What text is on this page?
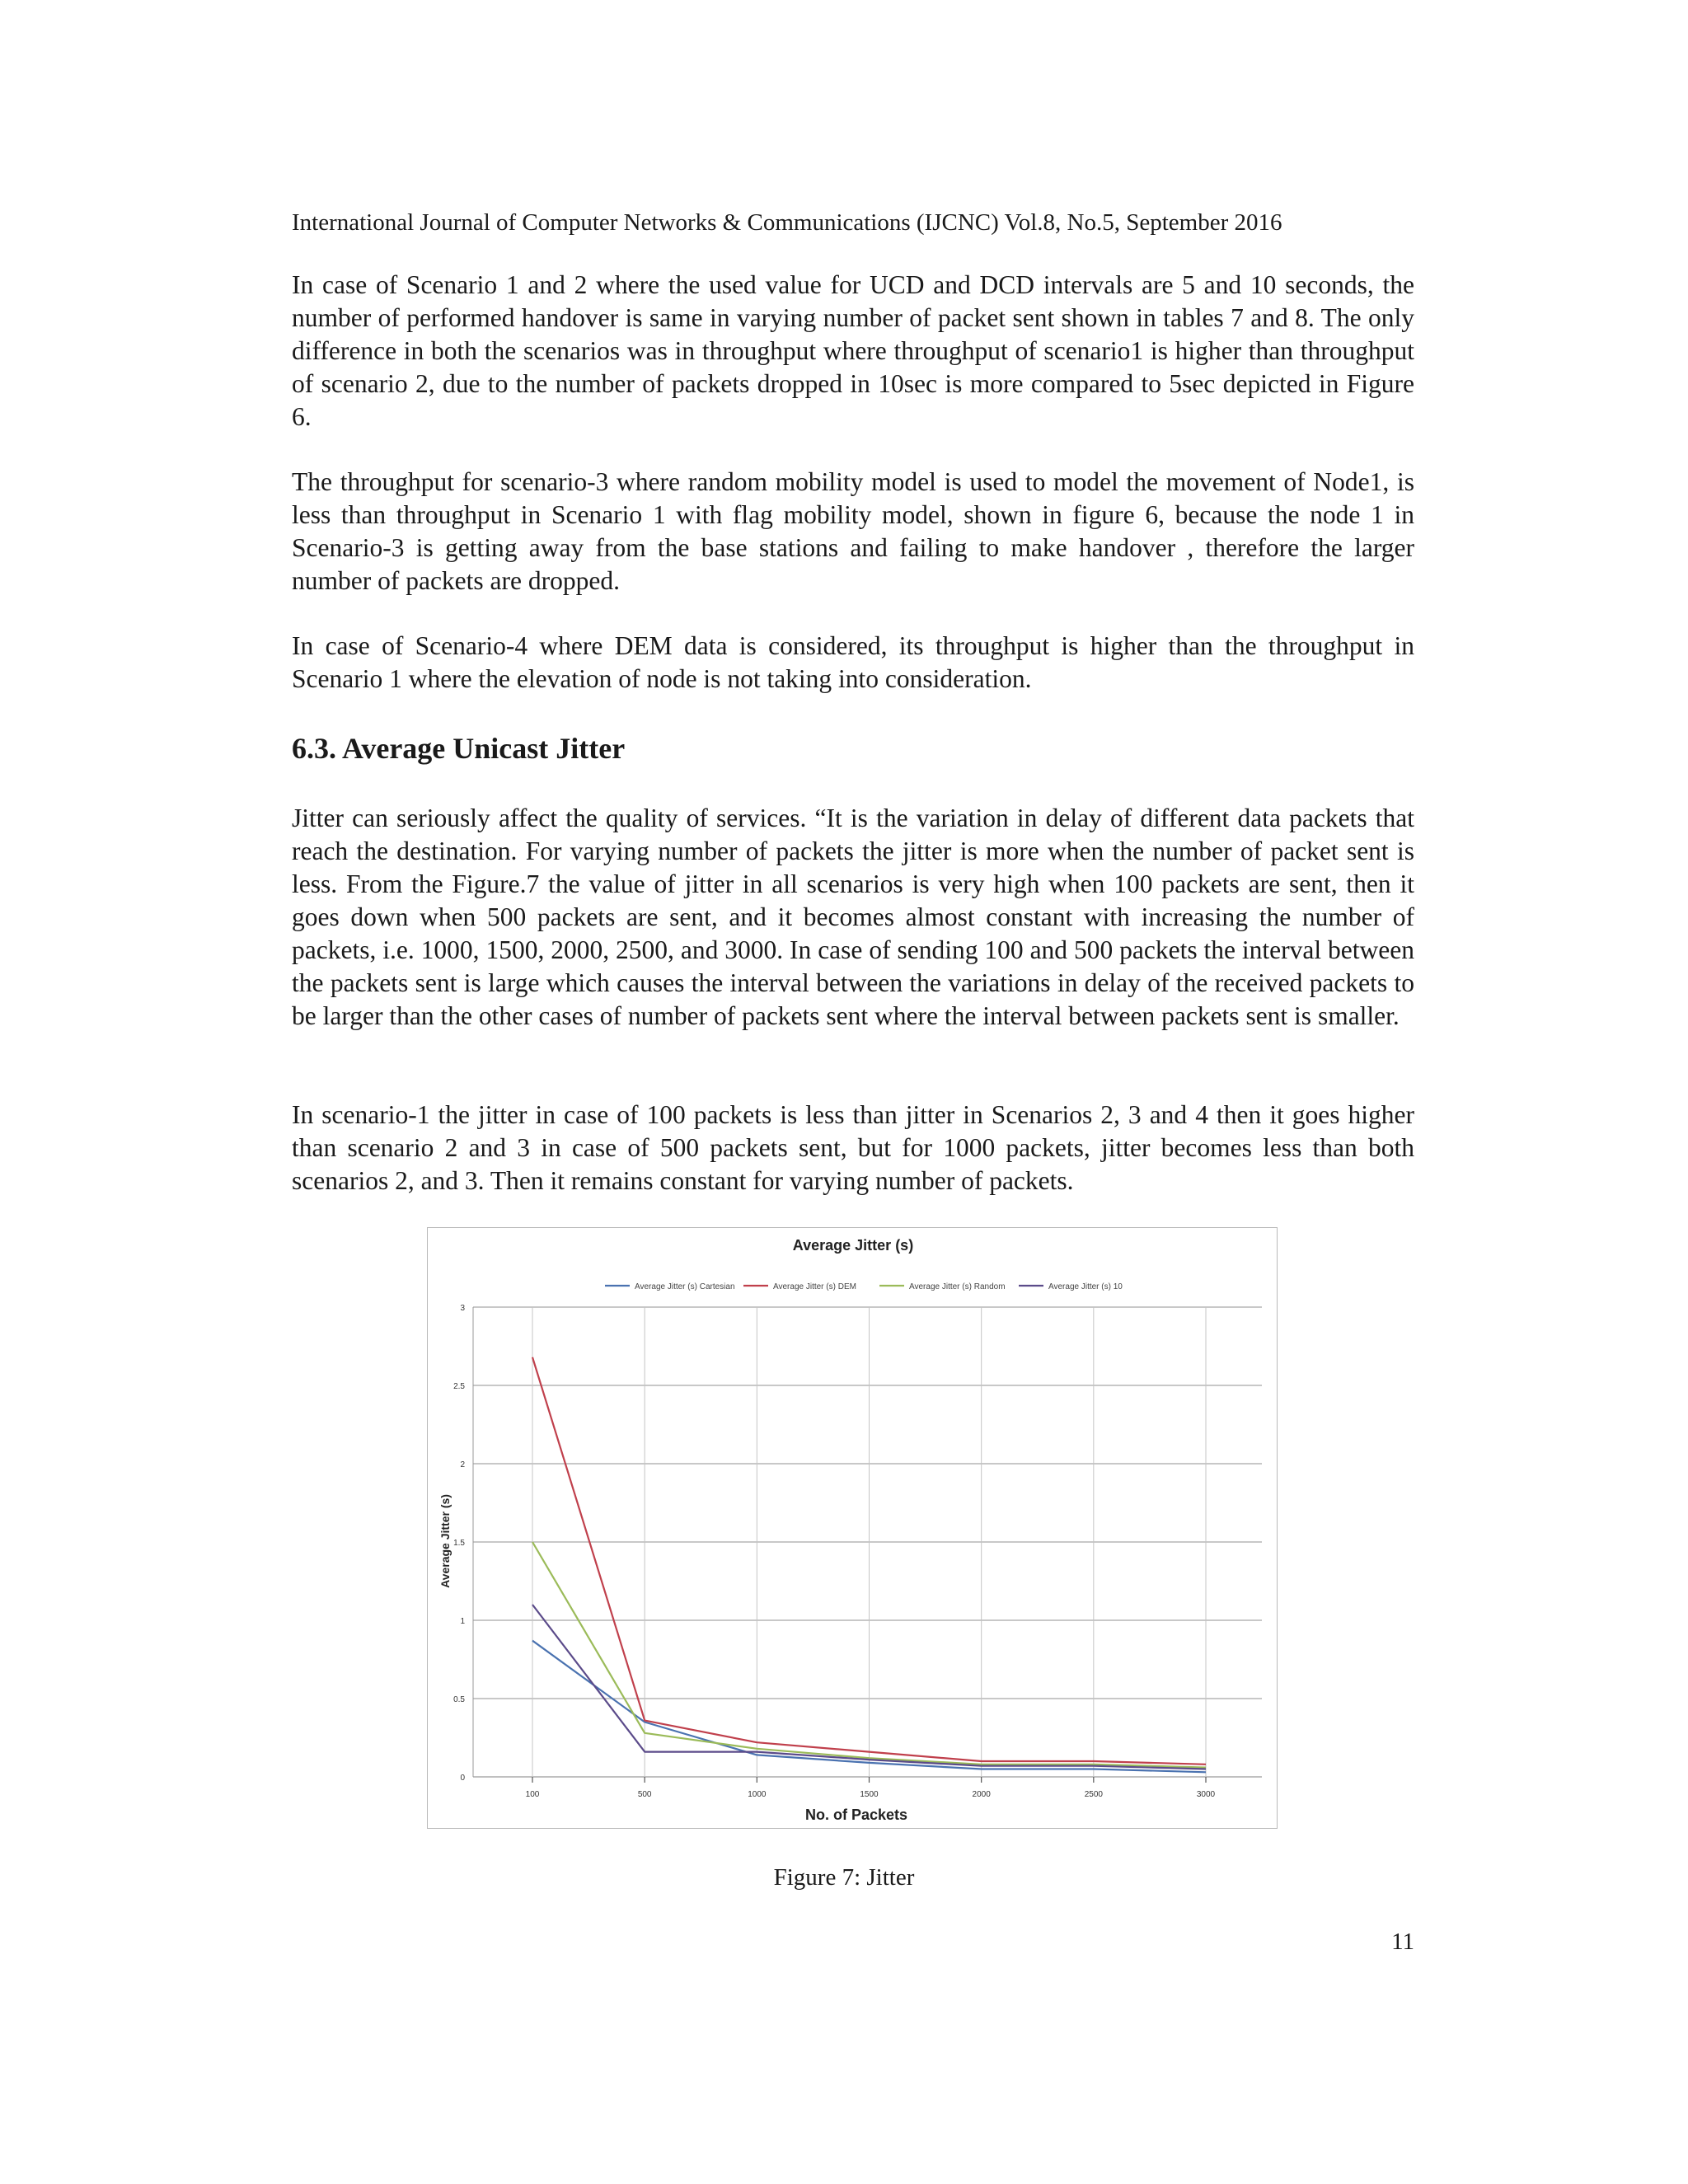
International Journal of Computer Networks & Communications (IJCNC) Vol.8, No.5, September 2016

In case of Scenario 1 and 2 where the used value for UCD and DCD intervals are 5 and 10 seconds, the number of performed handover is same in varying number of packet sent shown in tables 7 and 8. The only difference in both the scenarios was in throughput where throughput of scenario1 is higher than throughput of scenario 2, due to the number of packets dropped in 10sec is more compared to 5sec depicted in Figure 6.

The throughput for scenario-3 where random mobility model is used to model the movement of Node1, is less than throughput in Scenario 1 with flag mobility model, shown in figure 6, because the node 1 in Scenario-3 is getting away from the base stations and failing to make handover , therefore the larger number of packets are dropped.

In case of Scenario-4 where DEM data is considered, its throughput is higher than the throughput in Scenario 1 where the elevation of node is not taking into consideration.

6.3. Average Unicast Jitter

Jitter can seriously affect the quality of services. “It is the variation in delay of different data packets that reach the destination. For varying number of packets the jitter is more when the number of packet sent is less. From the Figure.7 the value of jitter in all scenarios is very high when 100 packets are sent, then it goes down when 500 packets are sent, and it becomes almost constant with increasing the number of packets, i.e. 1000, 1500, 2000, 2500, and 3000. In case of sending 100 and 500 packets the interval between the packets sent is large which causes the interval between the variations in delay of the received packets to be larger than the other cases of number of packets sent where the interval between packets sent is smaller.

In scenario-1 the jitter in case of 100 packets is less than jitter in Scenarios 2, 3 and 4 then it goes higher than scenario 2 and 3 in case of 500 packets sent, but for 1000 packets, jitter becomes less than both scenarios 2, and 3. Then it remains constant for varying number of packets.

Average Jitter (s)
Average Jitter (s) Cartesian	Average Jitter (s) DEM	Average Jitter (s) Random	Average Jitter (s) 10
0
0.5
1
1.5
2
2.5
3
100	500	1000	1500	2000	2500	3000
Average Jitter (s)
No. of Packets
Figure 7: Jitter
11
